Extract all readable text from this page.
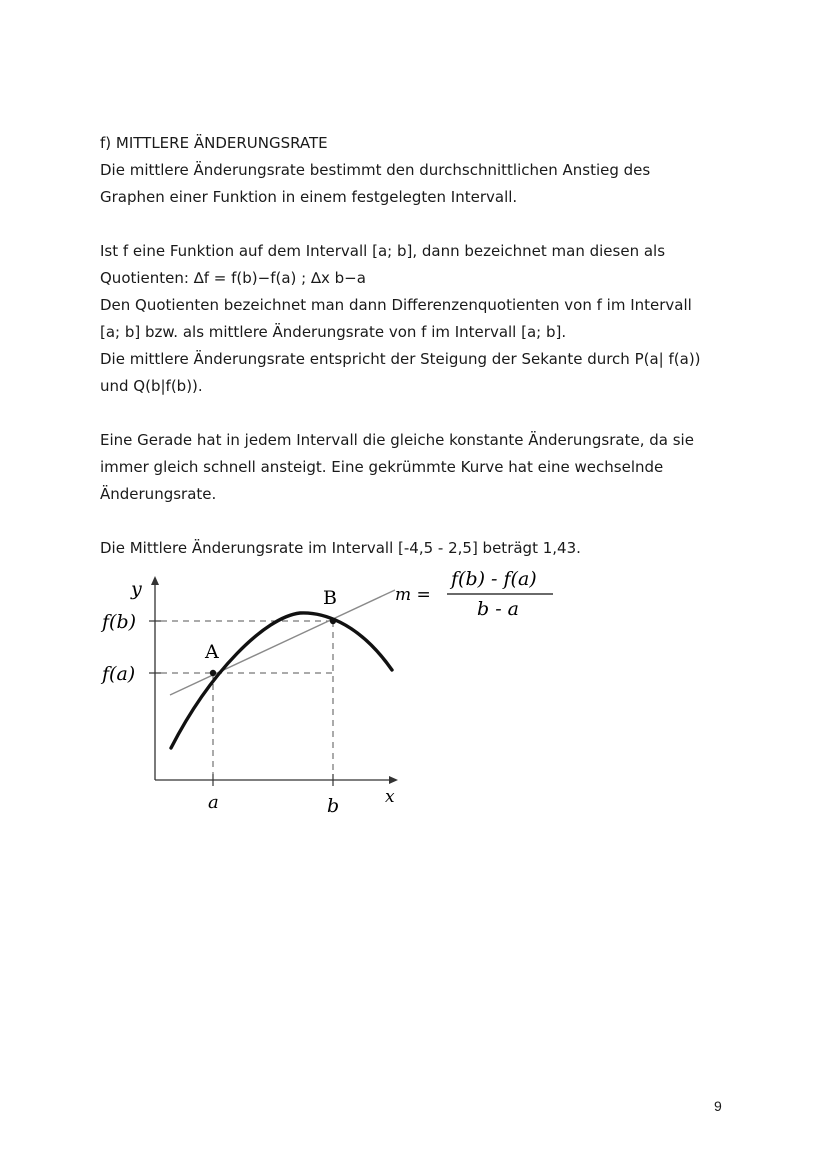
f) MITTLERE ÄNDERUNGSRATE

Die mittlere Änderungsrate bestimmt den durchschnittlichen Anstieg des

Graphen einer Funktion in einem festgelegten Intervall.

Ist f eine Funktion auf dem Intervall [a; b], dann bezeichnet man diesen als

Quotienten: ∆f = f(b)−f(a) ; ∆x b−a

Den Quotienten bezeichnet man dann Differenzenquotienten von f im Intervall

[a; b] bzw. als mittlere Änderungsrate von f im Intervall [a; b].

Die mittlere Änderungsrate entspricht der Steigung der Sekante durch P(a| f(a))

und Q(b|f(b)).

Eine Gerade hat in jedem Intervall die gleiche konstante Änderungsrate, da sie

immer gleich schnell ansteigt. Eine gekrümmte Kurve hat eine wechselnde

Änderungsrate.

Die Mittlere Änderungsrate im Intervall [-4,5 - 2,5] beträgt 1,43.

y
x
f(b)
f(a)
A
B
a	b
m =
f(b) - f(a)
b - a
9
